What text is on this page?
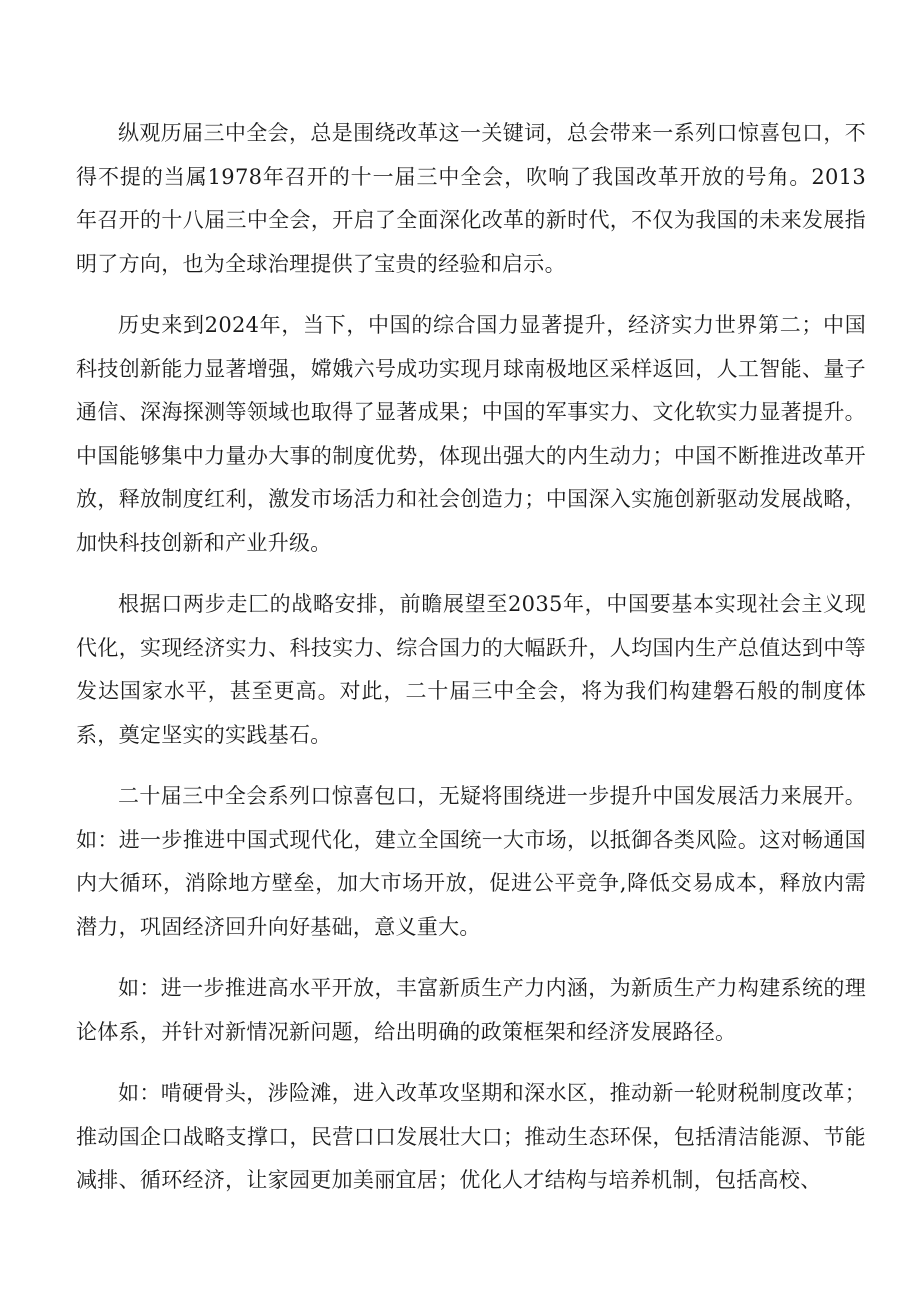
纵观历届三中全会，总是围绕改革这一关键词，总会带来一系列口惊喜包口，不得不提的当属1978年召开的十一届三中全会，吹响了我国改革开放的号角。2013年召开的十八届三中全会，开启了全面深化改革的新时代，不仅为我国的未来发展指明了方向，也为全球治理提供了宝贵的经验和启示。

历史来到2024年，当下，中国的综合国力显著提升，经济实力世界第二；中国科技创新能力显著增强，嫦娥六号成功实现月球南极地区采样返回，人工智能、量子通信、深海探测等领域也取得了显著成果；中国的军事实力、文化软实力显著提升。中国能够集中力量办大事的制度优势，体现出强大的内生动力；中国不断推进改革开放，释放制度红利，激发市场活力和社会创造力；中国深入实施创新驱动发展战略，加快科技创新和产业升级。

根据口两步走匚的战略安排，前瞻展望至2035年，中国要基本实现社会主义现代化，实现经济实力、科技实力、综合国力的大幅跃升，人均国内生产总值达到中等发达国家水平，甚至更高。对此，二十届三中全会，将为我们构建磐石般的制度体系，奠定坚实的实践基石。

二十届三中全会系列口惊喜包口，无疑将围绕进一步提升中国发展活力来展开。如：进一步推进中国式现代化，建立全国统一大市场，以抵御各类风险。这对畅通国内大循环，消除地方壁垒，加大市场开放，促进公平竞争,降低交易成本，释放内需潜力，巩固经济回升向好基础，意义重大。

如：进一步推进高水平开放，丰富新质生产力内涵，为新质生产力构建系统的理论体系，并针对新情况新问题，给出明确的政策框架和经济发展路径。

如：啃硬骨头，涉险滩，进入改革攻坚期和深水区，推动新一轮财税制度改革；推动国企口战略支撑口，民营口口发展壮大口；推动生态环保，包括清洁能源、节能减排、循环经济，让家园更加美丽宜居；优化人才结构与培养机制，包括高校、
